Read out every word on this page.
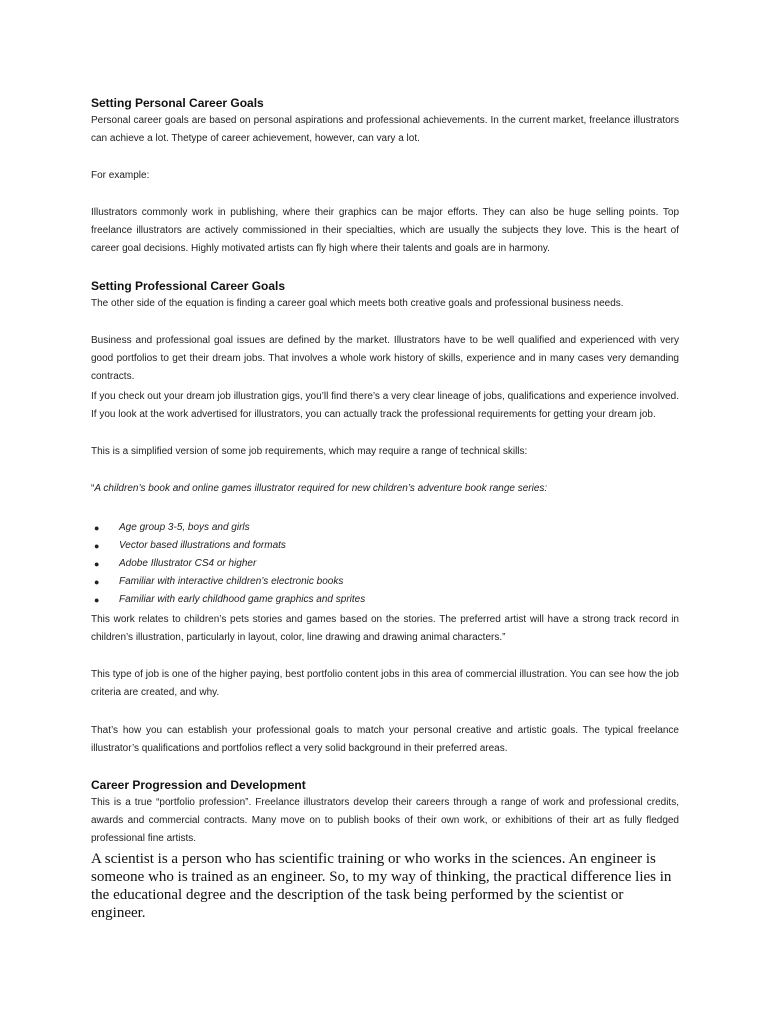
Setting Personal Career Goals

Personal career goals are based on personal aspirations and professional achievements. In the current market, freelance illustrators can achieve a lot. Thetype of career achievement, however, can vary a lot.

For example:

Illustrators commonly work in publishing, where their graphics can be major efforts. They can also be huge selling points. Top freelance illustrators are actively commissioned in their specialties, which are usually the subjects they love. This is the heart of career goal decisions. Highly motivated artists can fly high where their talents and goals are in harmony.

Setting Professional Career Goals

The other side of the equation is finding a career goal which meets both creative goals and professional business needs.

Business and professional goal issues are defined by the market. Illustrators have to be well qualified and experienced with very good portfolios to get their dream jobs. That involves a whole work history of skills, experience and in many cases very demanding contracts.

If you check out your dream job illustration gigs, you’ll find there’s a very clear lineage of jobs, qualifications and experience involved. If you look at the work advertised for illustrators, you can actually track the professional requirements for getting your dream job.

This is a simplified version of some job requirements, which may require a range of technical skills:

“A children’s book and online games illustrator required for new children’s adventure book range series:

● Age group 3-5, boys and girls
● Vector based illustrations and formats
● Adobe Illustrator CS4 or higher
● Familiar with interactive children’s electronic books
● Familiar with early childhood game graphics and sprites

This work relates to children’s pets stories and games based on the stories. The preferred artist will have a strong track record in children’s illustration, particularly in layout, color, line drawing and drawing animal characters.”

This type of job is one of the higher paying, best portfolio content jobs in this area of commercial illustration. You can see how the job criteria are created, and why.

That’s how you can establish your professional goals to match your personal creative and artistic goals. The typical freelance illustrator’s qualifications and portfolios reflect a very solid background in their preferred areas.

Career Progression and Development

This is a true “portfolio profession”. Freelance illustrators develop their careers through a range of work and professional credits, awards and commercial contracts. Many move on to publish books of their own work, or exhibitions of their art as fully fledged professional fine artists.

A scientist is a person who has scientific training or who works in the sciences. An engineer is someone who is trained as an engineer. So, to my way of thinking, the practical difference lies in the educational degree and the description of the task being performed by the scientist or engineer.
